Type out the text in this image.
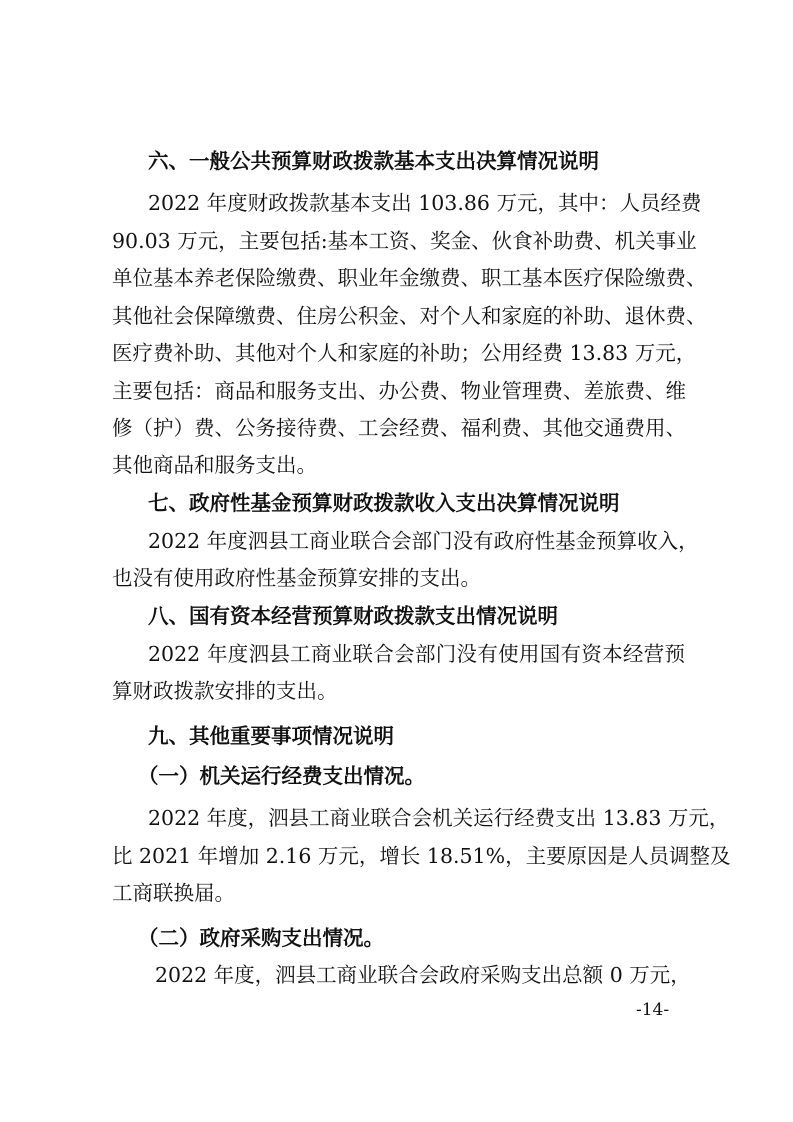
六、一般公共预算财政拨款基本支出决算情况说明
2022 年度财政拨款基本支出 103.86 万元，其中：人员经费
90.03 万元，主要包括:基本工资、奖金、伙食补助费、机关事业
单位基本养老保险缴费、职业年金缴费、职工基本医疗保险缴费、
其他社会保障缴费、住房公积金、对个人和家庭的补助、退休费、
医疗费补助、其他对个人和家庭的补助；公用经费 13.83 万元，
主要包括：商品和服务支出、办公费、物业管理费、差旅费、维
修（护）费、公务接待费、工会经费、福利费、其他交通费用、
其他商品和服务支出。
七、政府性基金预算财政拨款收入支出决算情况说明
2022 年度泗县工商业联合会部门没有政府性基金预算收入，
也没有使用政府性基金预算安排的支出。
八、国有资本经营预算财政拨款支出情况说明
2022 年度泗县工商业联合会部门没有使用国有资本经营预
算财政拨款安排的支出。
九、其他重要事项情况说明
（一）机关运行经费支出情况。
2022 年度，泗县工商业联合会机关运行经费支出 13.83 万元，
比 2021 年增加 2.16 万元，增长 18.51%，主要原因是人员调整及
工商联换届。
（二）政府采购支出情况。
2022 年度，泗县工商业联合会政府采购支出总额 0 万元，
-14-
